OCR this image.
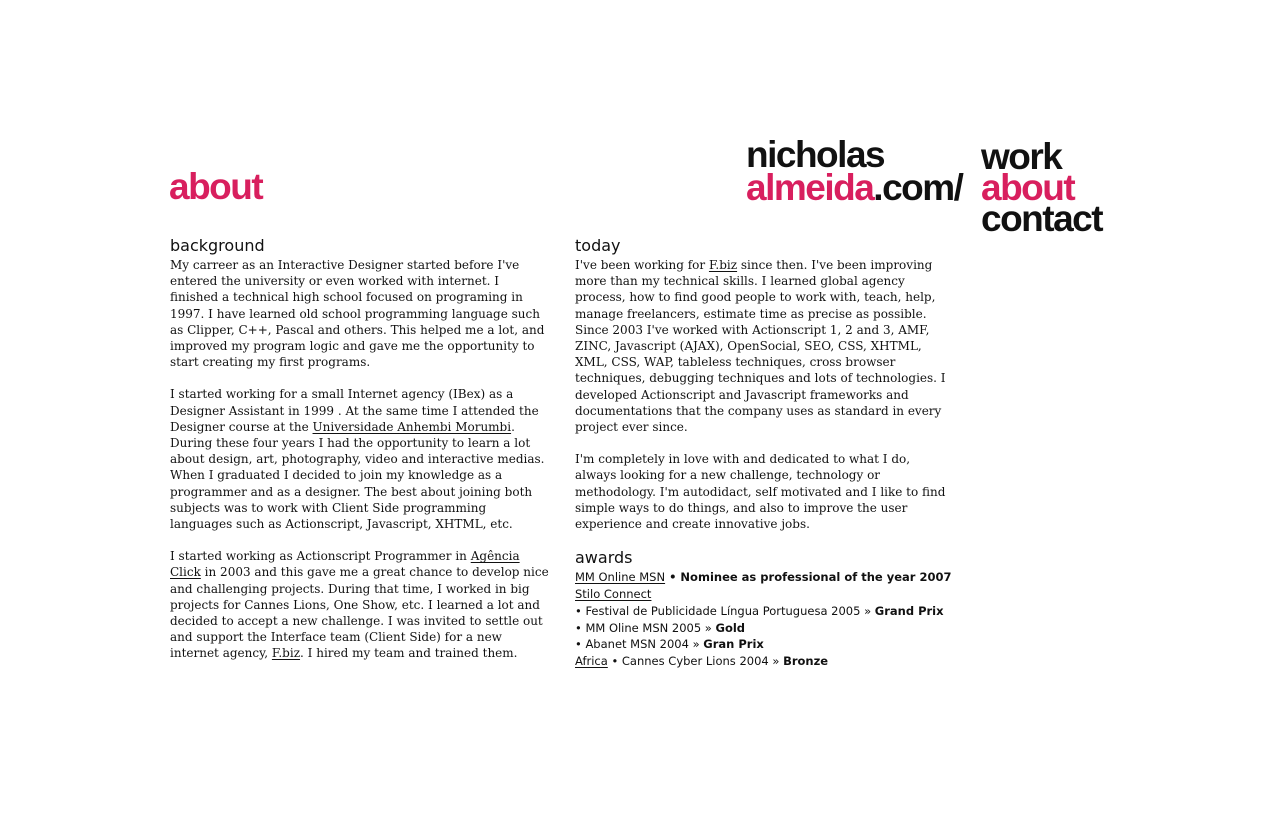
about
nicholas
almeida.com/
work
about
contact
background

My carreer as an Interactive Designer started before I've entered the university or even worked with internet. I finished a technical high school focused on programing in 1997. I have learned old school programming language such as Clipper, C++, Pascal and others. This helped me a lot, and improved my program logic and gave me the opportunity to start creating my first programs.

I started working for a small Internet agency (IBex) as a Designer Assistant in 1999 . At the same time I attended the Designer course at the Universidade Anhembi Morumbi. During these four years I had the opportunity to learn a lot about design, art, photography, video and interactive medias. When I graduated I decided to join my knowledge as a programmer and as a designer. The best about joining both subjects was to work with Client Side programming languages such as Actionscript, Javascript, XHTML, etc.

I started working as Actionscript Programmer in Agência Click in 2003 and this gave me a great chance to develop nice and challenging projects. During that time, I worked in big projects for Cannes Lions, One Show, etc. I learned a lot and decided to accept a new challenge. I was invited to settle out and support the Interface team (Client Side) for a new internet agency, F.biz. I hired my team and trained them.

today

I've been working for F.biz since then. I've been improving more than my technical skills. I learned global agency process, how to find good people to work with, teach, help, manage freelancers, estimate time as precise as possible. Since 2003 I've worked with Actionscript 1, 2 and 3, AMF, ZINC, Javascript (AJAX), OpenSocial, SEO, CSS, XHTML, XML, CSS, WAP, tableless techniques, cross browser techniques, debugging techniques and lots of technologies. I developed Actionscript and Javascript frameworks and documentations that the company uses as standard in every project ever since.

I'm completely in love with and dedicated to what I do, always looking for a new challenge, technology or methodology. I'm autodidact, self motivated and I like to find simple ways to do things, and also to improve the user experience and create innovative jobs.

awards
MM Online MSN • Nominee as professional of the year 2007
Stilo Connect
• Festival de Publicidade Língua Portuguesa 2005 » Grand Prix
• MM Oline MSN 2005 » Gold
• Abanet MSN 2004 » Gran Prix
Africa • Cannes Cyber Lions 2004 » Bronze
